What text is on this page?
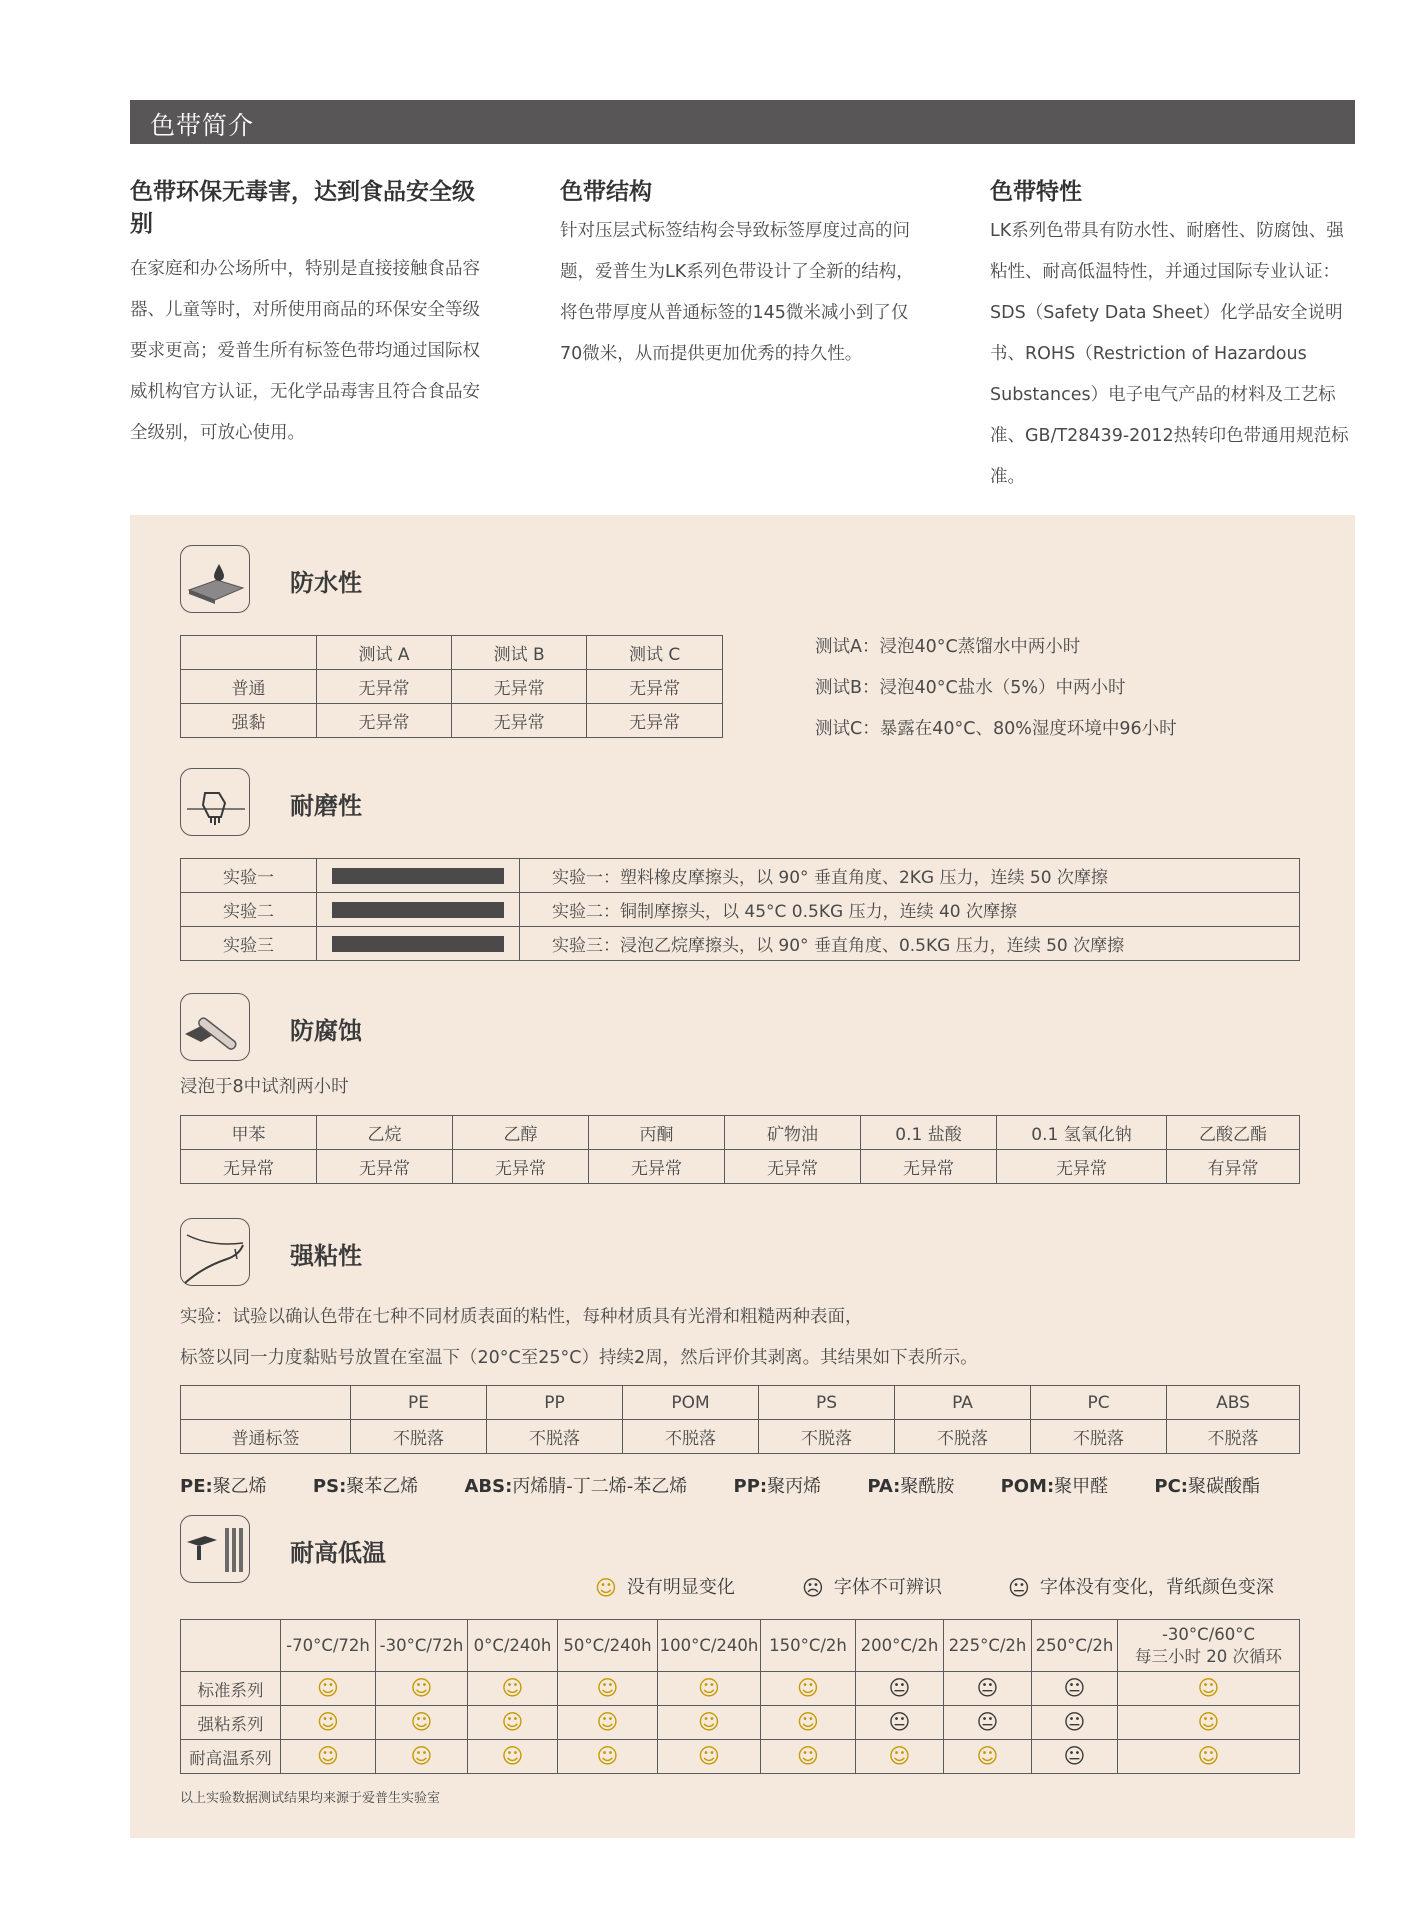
色带简介
色带环保无毒害，达到食品安全级别

在家庭和办公场所中，特别是直接接触食品容器、儿童等时，对所使用商品的环保安全等级要求更高；爱普生所有标签色带均通过国际权威机构官方认证，无化学品毒害且符合食品安全级别，可放心使用。

色带结构

针对压层式标签结构会导致标签厚度过高的问题，爱普生为LK系列色带设计了全新的结构，将色带厚度从普通标签的145微米减小到了仅70微米，从而提供更加优秀的持久性。

色带特性

LK系列色带具有防水性、耐磨性、防腐蚀、强粘性、耐高低温特性，并通过国际专业认证：SDS（Safety Data Sheet）化学品安全说明书、ROHS（Restriction of Hazardous Substances）电子电气产品的材料及工艺标准、GB/T28439-2012热转印色带通用规范标准。

防水性
	测试 A	测试 B	测试 C
普通	无异常	无异常	无异常
强黏	无异常	无异常	无异常
测试A：浸泡40°C蒸馏水中两小时
测试B：浸泡40°C盐水（5%）中两小时
测试C：暴露在40°C、80%湿度环境中96小时
耐磨性
实验一		实验一：塑料橡皮摩擦头，以 90° 垂直角度、2KG 压力，连续 50 次摩擦
实验二		实验二：铜制摩擦头，以 45°C 0.5KG 压力，连续 40 次摩擦
实验三		实验三：浸泡乙烷摩擦头，以 90° 垂直角度、0.5KG 压力，连续 50 次摩擦
防腐蚀
浸泡于8中试剂两小时
甲苯	乙烷	乙醇	丙酮	矿物油	0.1 盐酸	0.1 氢氧化钠	乙酸乙酯
无异常	无异常	无异常	无异常	无异常	无异常	无异常	有异常
强粘性
实验：试验以确认色带在七种不同材质表面的粘性，每种材质具有光滑和粗糙两种表面，
标签以同一力度黏贴号放置在室温下（20°C至25°C）持续2周，然后评价其剥离。其结果如下表所示。
	PE	PP	POM	PS	PA	PC	ABS
普通标签	不脱落	不脱落	不脱落	不脱落	不脱落	不脱落	不脱落
PE:聚乙烯	PS:聚苯乙烯	ABS:丙烯腈-丁二烯-苯乙烯	PP:聚丙烯	PA:聚酰胺	POM:聚甲醛	PC:聚碳酸酯
耐高低温
☺ 没有明显变化	☹ 字体不可辨识	😐 字体没有变化，背纸颜色变深
	-70°C/72h	-30°C/72h	0°C/240h	50°C/240h	100°C/240h	150°C/2h	200°C/2h	225°C/2h	250°C/2h	-30°C/60°C
每三小时 20 次循环

标准系列	☺	☺	☺	☺	☺	☺	😐	😐	😐	☺
强粘系列	☺	☺	☺	☺	☺	☺	😐	😐	😐	☺
耐高温系列	☺	☺	☺	☺	☺	☺	☺	☺	😐	☺
以上实验数据测试结果均来源于爱普生实验室
